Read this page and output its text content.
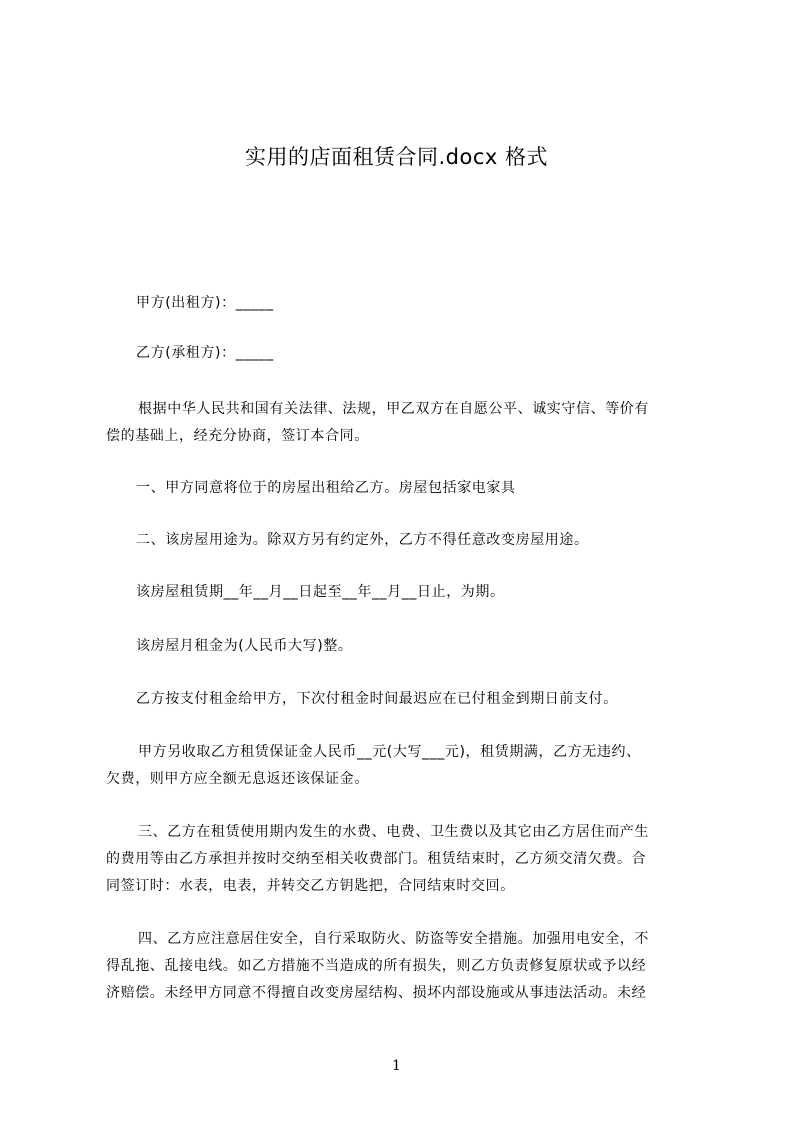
实用的店面租赁合同.docx 格式
甲方(出租方)：_____
乙方(承租方)：_____
根据中华人民共和国有关法律、法规，甲乙双方在自愿公平、诚实守信、等价有
偿的基础上，经充分协商，签订本合同。
一、甲方同意将位于的房屋出租给乙方。房屋包括家电家具
二、该房屋用途为。除双方另有约定外，乙方不得任意改变房屋用途。
该房屋租赁期__年__月__日起至__年__月__日止，为期。
该房屋月租金为(人民币大写)整。
乙方按支付租金给甲方，下次付租金时间最迟应在已付租金到期日前支付。
甲方另收取乙方租赁保证金人民币__元(大写___元)，租赁期满，乙方无违约、
欠费，则甲方应全额无息返还该保证金。
三、乙方在租赁使用期内发生的水费、电费、卫生费以及其它由乙方居住而产生
的费用等由乙方承担并按时交纳至相关收费部门。租赁结束时，乙方须交清欠费。合
同签订时：水表，电表，并转交乙方钥匙把，合同结束时交回。
四、乙方应注意居住安全，自行采取防火、防盗等安全措施。加强用电安全，不
得乱拖、乱接电线。如乙方措施不当造成的所有损失，则乙方负责修复原状或予以经
济赔偿。未经甲方同意不得擅自改变房屋结构、损坏内部设施或从事违法活动。未经
1
